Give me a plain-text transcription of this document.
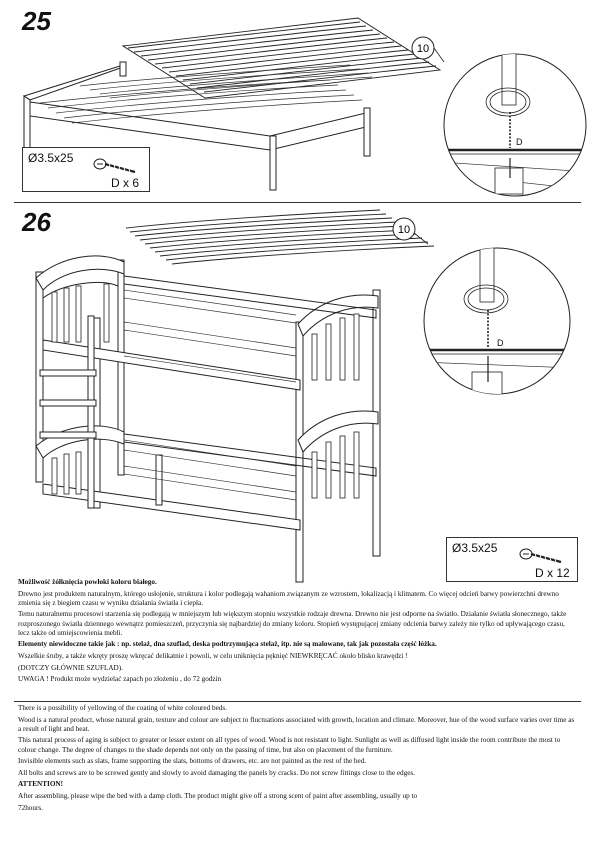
25
10
D
Ø3.5x25
D x 6
26	10
D
Ø3.5x25
D x 12

Możliwość żółknięcia powłoki koloru białego.

Drewno jest produktem naturalnym, którego usłojenie, struktura i kolor podlegają wahaniom związanym ze wzrostem, lokalizacją i klimatem. Co więcej odcień barwy powierzchni drewno zmienia się z biegiem czasu w wyniku działania światła i ciepła.

Temu naturalnemu procesowi starzenia się podlegają w mniejszym lub większym stopniu wszystkie rodzaje drewna. Drewno nie jest odporne na światło. Działanie światła słonecznego, także rozproszonego światła dziennego wewnątrz pomieszczeń, przyczynia się najbardziej do zmiany koloru. Stopień występującej zmiany odcienia barwy zależy nie tylko od upływającego czasu, lecz także od umiejscowienia mebli.

Elementy niewidoczne takie jak : np. stelaż, dna szuflad, deska podtrzymująca stelaż, itp. nie są malowane, tak jak pozostała część łóżka.

Wszelkie śruby, a także wkręty proszę wkręcać delikatnie i powoli, w celu uniknięcia pęknięć NIEWKRĘCAĆ około blisko krawędzi !

(DOTCZY GŁÓWNIE SZUFLAD).

UWAGA ! Produkt może wydzielać zapach po złożeniu , do 72 godzin

There is a possibility of yellowing of the coating of white coloured beds.

Wood is a natural product, whose natural grain, texture and colour are subject to fluctuations associated with growth, location and climate. Moreover, hue of the wood surface varies over time as a result of light and heat.

This natural process of aging is subject to greater or lesser extent on all types of wood. Wood is not resistant to light. Sunlight as well as diffused light inside the room contribute the most to colour change. The degree of changes to the shade depends not only on the passing of time, but also on placement of the furniture.

Invisible elements such as slats, frame supporting the slats, bottoms of drawers, etc. are not painted as the rest of the bed.

All bolts and screws are to be screwed gently and slowly to avoid damaging the panels by cracks. Do not screw fittings close to the edges.

ATTENTION!

After assembling, please wipe the bed with a damp cloth. The product might give off a strong scent of paint after assembling, usually up to

72hours.
